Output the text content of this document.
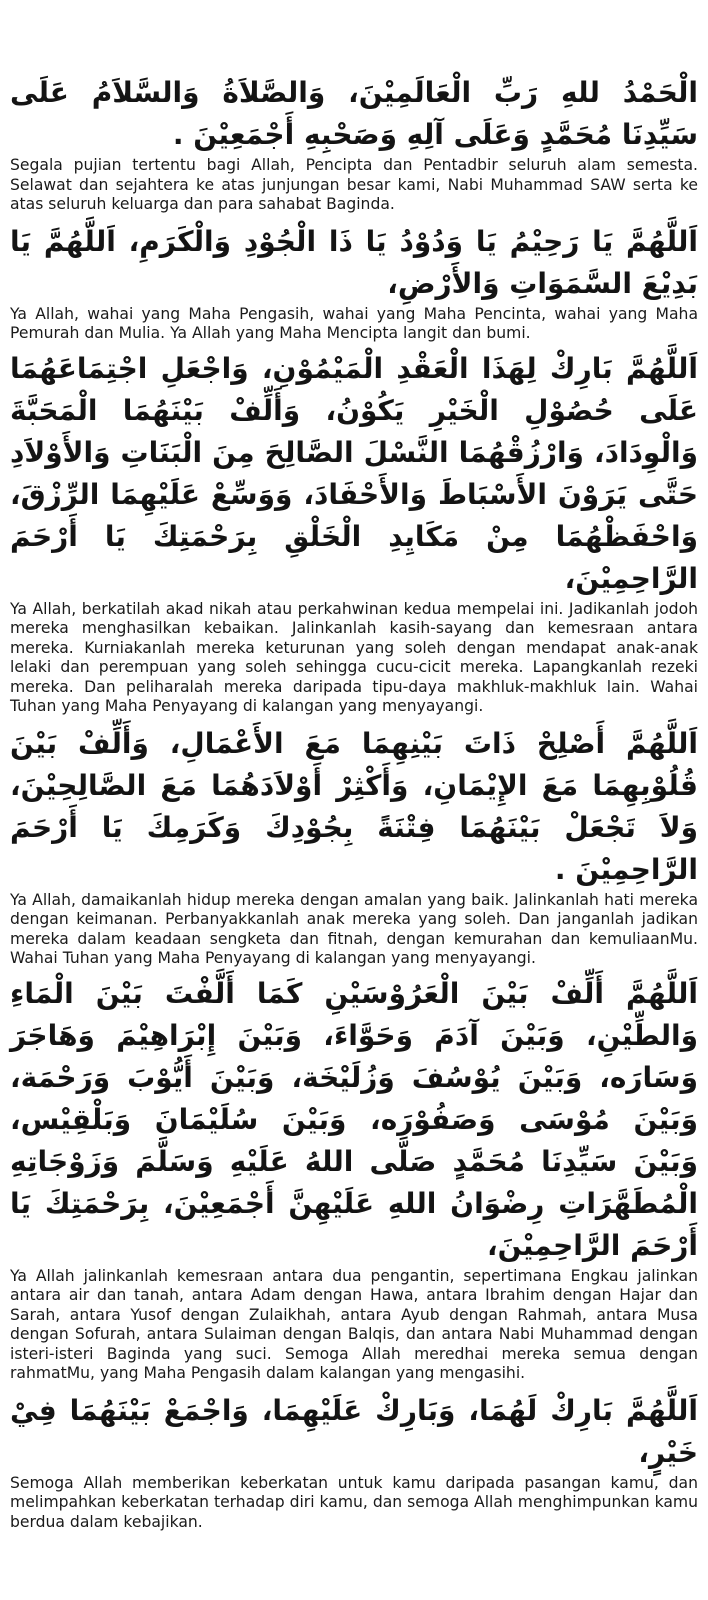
الْحَمْدُ للهِ رَبِّ الْعَالَمِيْنَ، وَالصَّلاَةُ وَالسَّلاَمُ عَلَى سَيِّدِنَا مُحَمَّدٍ وَعَلَى آلِهِ وَصَحْبِهِ أَجْمَعِيْنَ .

Segala pujian tertentu bagi Allah, Pencipta dan Pentadbir seluruh alam semesta. Selawat dan sejahtera ke atas junjungan besar kami, Nabi Muhammad SAW serta ke atas seluruh keluarga dan para sahabat Baginda.

اَللَّهُمَّ يَا رَحِيْمُ يَا وَدُوْدُ يَا ذَا الْجُوْدِ وَالْكَرَمِ، اَللَّهُمَّ يَا بَدِيْعَ السَّمَوَاتِ وَالأَرْضِ،

Ya Allah, wahai yang Maha Pengasih, wahai yang Maha Pencinta, wahai yang Maha Pemurah dan Mulia. Ya Allah yang Maha Mencipta langit dan bumi.

اَللَّهُمَّ بَارِكْ لِهَذَا الْعَقْدِ الْمَيْمُوْنِ، وَاجْعَلِ اجْتِمَاعَهُمَا عَلَى حُصُوْلِ الْخَيْرِ يَكُوْنُ، وَأَلِّفْ بَيْنَهُمَا الْمَحَبَّةَ وَالْوِدَادَ، وَارْزُقْهُمَا النَّسْلَ الصَّالِحَ مِنَ الْبَنَاتِ وَالأَوْلاَدِ حَتَّى يَرَوْنَ الأَسْبَاطَ وَالأَحْفَادَ، وَوَسِّعْ عَلَيْهِمَا الرِّزْقَ، وَاحْفَظْهُمَا مِنْ مَكَايِدِ الْخَلْقِ بِرَحْمَتِكَ يَا أَرْحَمَ الرَّاحِمِيْنَ،

Ya Allah, berkatilah akad nikah atau perkahwinan kedua mempelai ini. Jadikanlah jodoh mereka menghasilkan kebaikan. Jalinkanlah kasih-sayang dan kemesraan antara mereka. Kurniakanlah mereka keturunan yang soleh dengan mendapat anak-anak lelaki dan perempuan yang soleh sehingga cucu-cicit mereka. Lapangkanlah rezeki mereka. Dan peliharalah mereka daripada tipu-daya makhluk-makhluk lain. Wahai Tuhan yang Maha Penyayang di kalangan yang menyayangi.

اَللَّهُمَّ أَصْلِحْ ذَاتَ بَيْنِهِمَا مَعَ الأَعْمَالِ، وَأَلِّفْ بَيْنَ قُلُوْبِهِمَا مَعَ الإِيْمَانِ، وَأَكْثِرْ أَوْلاَدَهُمَا مَعَ الصَّالِحِيْنَ، وَلاَ تَجْعَلْ بَيْنَهُمَا فِتْنَةً بِجُوْدِكَ وَكَرَمِكَ يَا أَرْحَمَ الرَّاحِمِيْنَ .

Ya Allah, damaikanlah hidup mereka dengan amalan yang baik. Jalinkanlah hati mereka dengan keimanan. Perbanyakkanlah anak mereka yang soleh. Dan janganlah jadikan mereka dalam keadaan sengketa dan fitnah, dengan kemurahan dan kemuliaanMu. Wahai Tuhan yang Maha Penyayang di kalangan yang menyayangi.

اَللَّهُمَّ أَلِّفْ بَيْنَ الْعَرُوْسَيْنِ كَمَا أَلَّفْتَ بَيْنَ الْمَاءِ وَالطِّيْنِ، وَبَيْنَ آدَمَ وَحَوَّاءَ، وَبَيْنَ إِبْرَاهِيْمَ وَهَاجَرَ وَسَارَه، وَبَيْنَ يُوْسُفَ وَزُلَيْخَة، وَبَيْنَ أَيُّوْبَ وَرَحْمَة، وَبَيْنَ مُوْسَى وَصَفُوْرَه، وَبَيْنَ سُلَيْمَانَ وَبَلْقِيْس، وَبَيْنَ سَيِّدِنَا مُحَمَّدٍ صَلَّى اللهُ عَلَيْهِ وَسَلَّمَ وَزَوْجَاتِهِ الْمُطَهَّرَاتِ رِضْوَانُ اللهِ عَلَيْهِنَّ أَجْمَعِيْنَ، بِرَحْمَتِكَ يَا أَرْحَمَ الرَّاحِمِيْنَ،

Ya Allah jalinkanlah kemesraan antara dua pengantin, sepertimana Engkau jalinkan antara air dan tanah, antara Adam dengan Hawa, antara Ibrahim dengan Hajar dan Sarah, antara Yusof dengan Zulaikhah, antara Ayub dengan Rahmah, antara Musa dengan Sofurah, antara Sulaiman dengan Balqis, dan antara Nabi Muhammad dengan isteri-isteri Baginda yang suci. Semoga Allah meredhai mereka semua dengan rahmatMu, yang Maha Pengasih dalam kalangan yang mengasihi.

اَللَّهُمَّ بَارِكْ لَهُمَا، وَبَارِكْ عَلَيْهِمَا، وَاجْمَعْ بَيْنَهُمَا فِيْ خَيْرٍ،

Semoga Allah memberikan keberkatan untuk kamu daripada pasangan kamu, dan melimpahkan keberkatan terhadap diri kamu, dan semoga Allah menghimpunkan kamu berdua dalam kebajikan.
